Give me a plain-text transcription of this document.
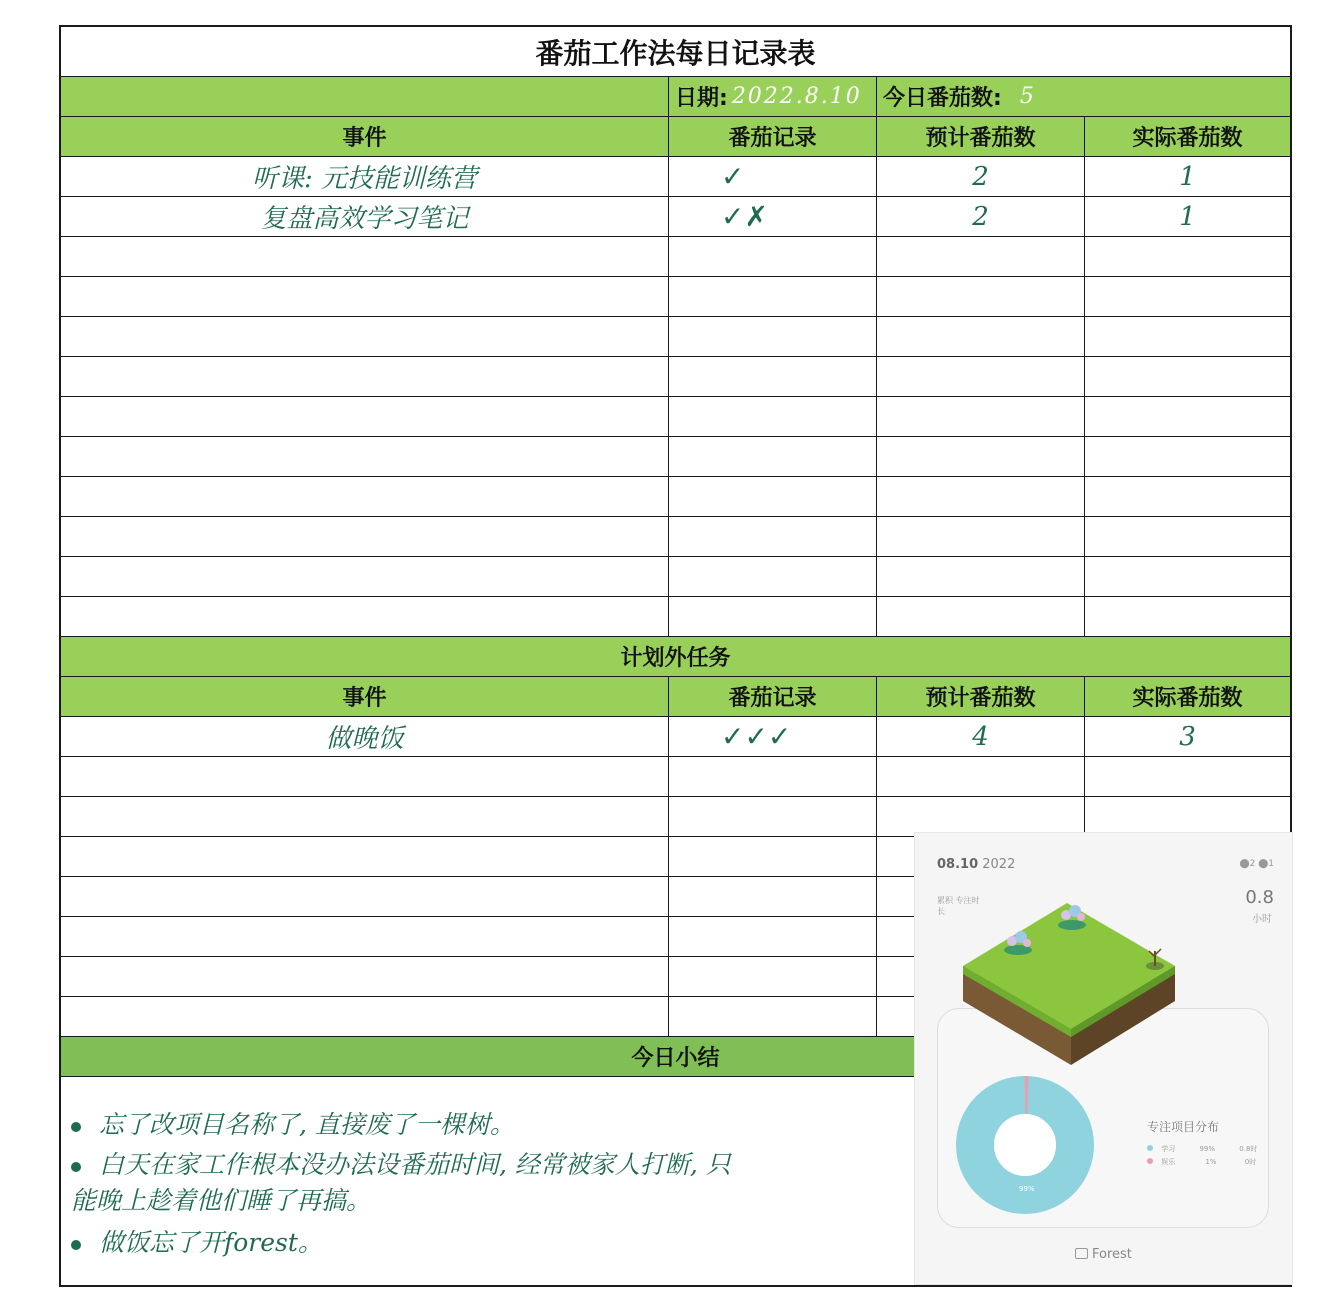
番茄工作法每日记录表
日期: 2022.8.10 今日番茄数: 5
事件	番茄记录	预计番茄数	实际番茄数
听课: 元技能训练营	✓	2	1
复盘高效学习笔记	✓✗	2	1
计划外任务
事件	番茄记录	预计番茄数	实际番茄数
做晚饭	✓✓✓	4	3
今日小结
忘了改项目名称了, 直接废了一棵树。
白天在家工作根本没办法设番茄时间, 经常被家人打断, 只
能晚上趁着他们睡了再搞。
做饭忘了开forest。
08.10 2022	⬤2 ⬤1
累积 专注时长
0.8
小时
99%
专注项目分布
学习	99%	0.8时
娱乐	1%	0时
Forest
